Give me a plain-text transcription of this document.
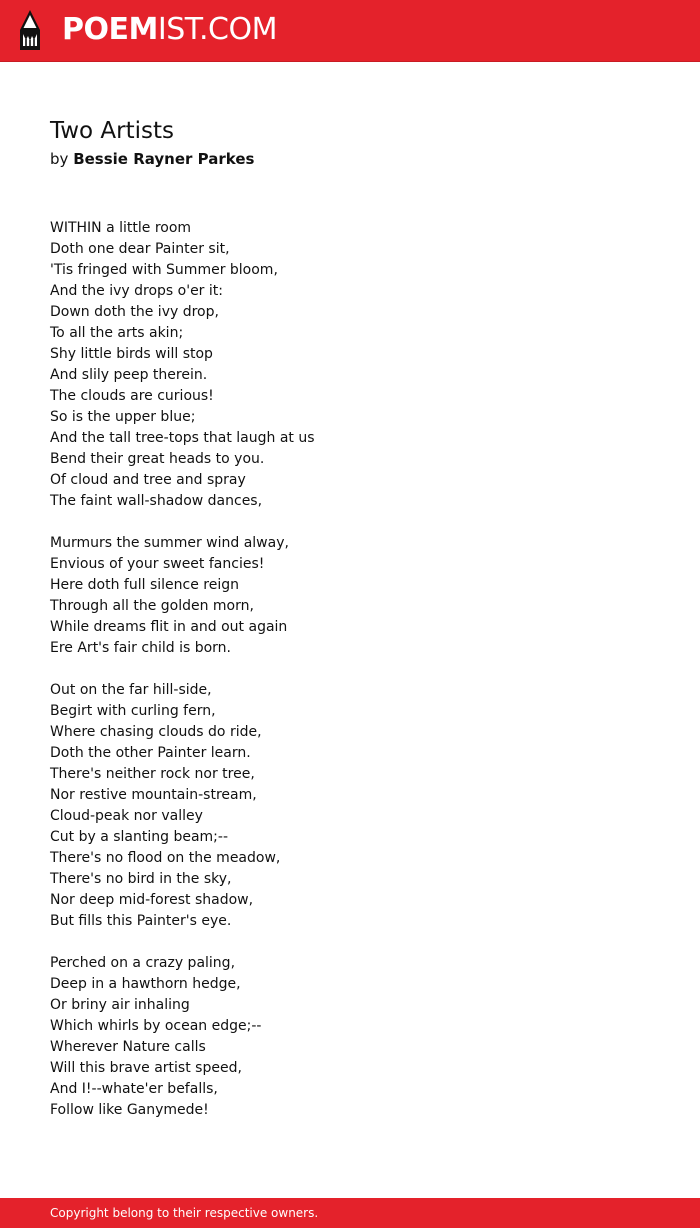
POEMIST.COM
Two Artists
by Bessie Rayner Parkes
WITHIN a little room
Doth one dear Painter sit,
'Tis fringed with Summer bloom,
And the ivy drops o'er it:
Down doth the ivy drop,
To all the arts akin;
Shy little birds will stop
And slily peep therein.
The clouds are curious!
So is the upper blue;
And the tall tree-tops that laugh at us
Bend their great heads to you.
Of cloud and tree and spray
The faint wall-shadow dances,
Murmurs the summer wind alway,
Envious of your sweet fancies!
Here doth full silence reign
Through all the golden morn,
While dreams flit in and out again
Ere Art's fair child is born.
Out on the far hill-side,
Begirt with curling fern,
Where chasing clouds do ride,
Doth the other Painter learn.
There's neither rock nor tree,
Nor restive mountain-stream,
Cloud-peak nor valley
Cut by a slanting beam;--
There's no flood on the meadow,
There's no bird in the sky,
Nor deep mid-forest shadow,
But fills this Painter's eye.
Perched on a crazy paling,
Deep in a hawthorn hedge,
Or briny air inhaling
Which whirls by ocean edge;--
Wherever Nature calls
Will this brave artist speed,
And I!--whate'er befalls,
Follow like Ganymede!
Copyright belong to their respective owners.
